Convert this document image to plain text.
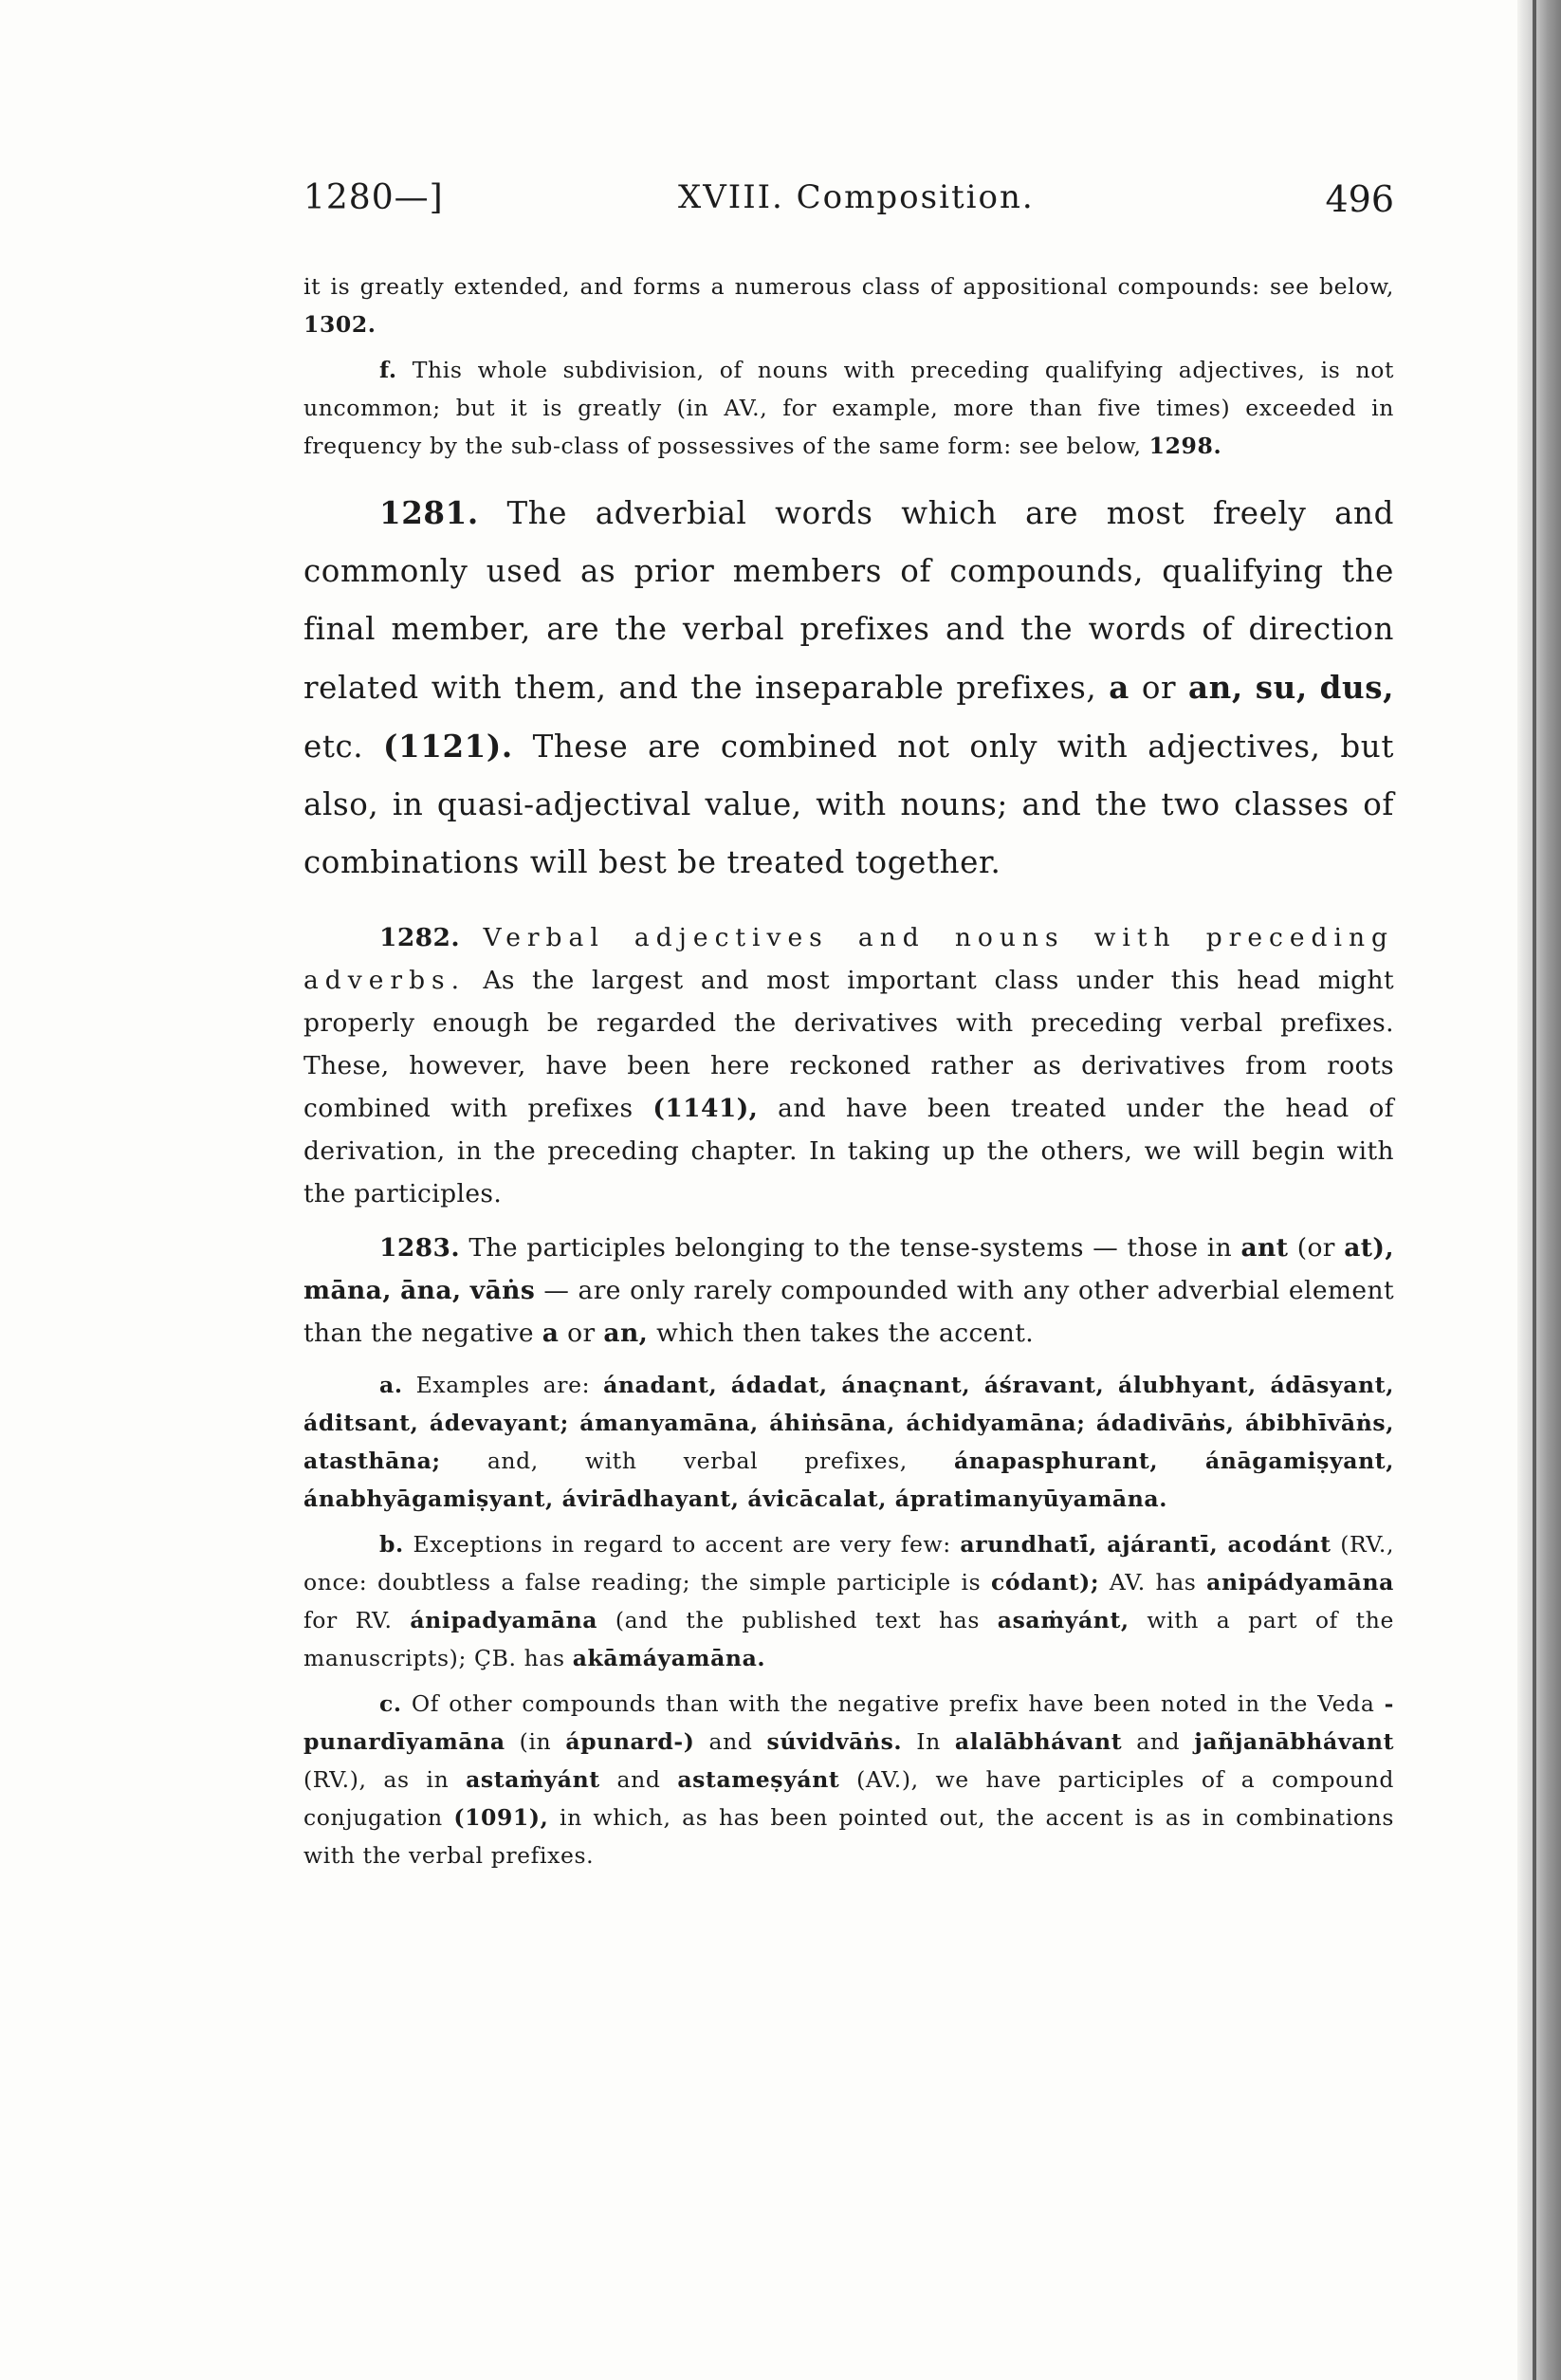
1280—]	XVIII. Composition.	496

it is greatly extended, and forms a numerous class of appositional compounds: see below, 1302.

f. This whole subdivision, of nouns with preceding qualifying adjectives, is not uncommon; but it is greatly (in AV., for example, more than five times) exceeded in frequency by the sub-class of possessives of the same form: see below, 1298.

1281. The adverbial words which are most freely and commonly used as prior members of compounds, qualifying the final member, are the verbal prefixes and the words of direction related with them, and the inseparable prefixes, a or an, su, dus, etc. (1121). These are combined not only with adjectives, but also, in quasi-adjectival value, with nouns; and the two classes of combinations will best be treated together.

1282. Verbal adjectives and nouns with preceding adverbs. As the largest and most important class under this head might properly enough be regarded the derivatives with preceding verbal prefixes. These, however, have been here reckoned rather as derivatives from roots combined with prefixes (1141), and have been treated under the head of derivation, in the preceding chapter. In taking up the others, we will begin with the participles.

1283. The participles belonging to the tense-systems — those in ant (or at), māna, āna, vāṅs — are only rarely compounded with any other adverbial element than the negative a or an, which then takes the accent.

a. Examples are: ánadant, ádadat, ánaçnant, áśravant, álubhyant, ádāsyant, áditsant, ádevayant; ámanyamāna, áhiṅsāna, áchidyamāna; ádadivāṅs, ábibhīvāṅs, atasthāna; and, with verbal prefixes, ánapasphurant, ánāgamiṣyant, ánabhyāgamiṣyant, ávirādhayant, ávicācalat, ápratimanyūyamāna.

b. Exceptions in regard to accent are very few: arundhatī́, ajárantī, acodánt (RV., once: doubtless a false reading; the simple participle is códant); AV. has anipádyamāna for RV. ánipadyamāna (and the published text has asaṁyánt, with a part of the manuscripts); ÇB. has akāmáyamāna.

c. Of other compounds than with the negative prefix have been noted in the Veda -punardīyamāna (in ápunard-) and súvidvāṅs. In alalābhávant and jañjanābhávant (RV.), as in astaṁyánt and astameṣyánt (AV.), we have participles of a compound conjugation (1091), in which, as has been pointed out, the accent is as in combinations with the verbal prefixes.
